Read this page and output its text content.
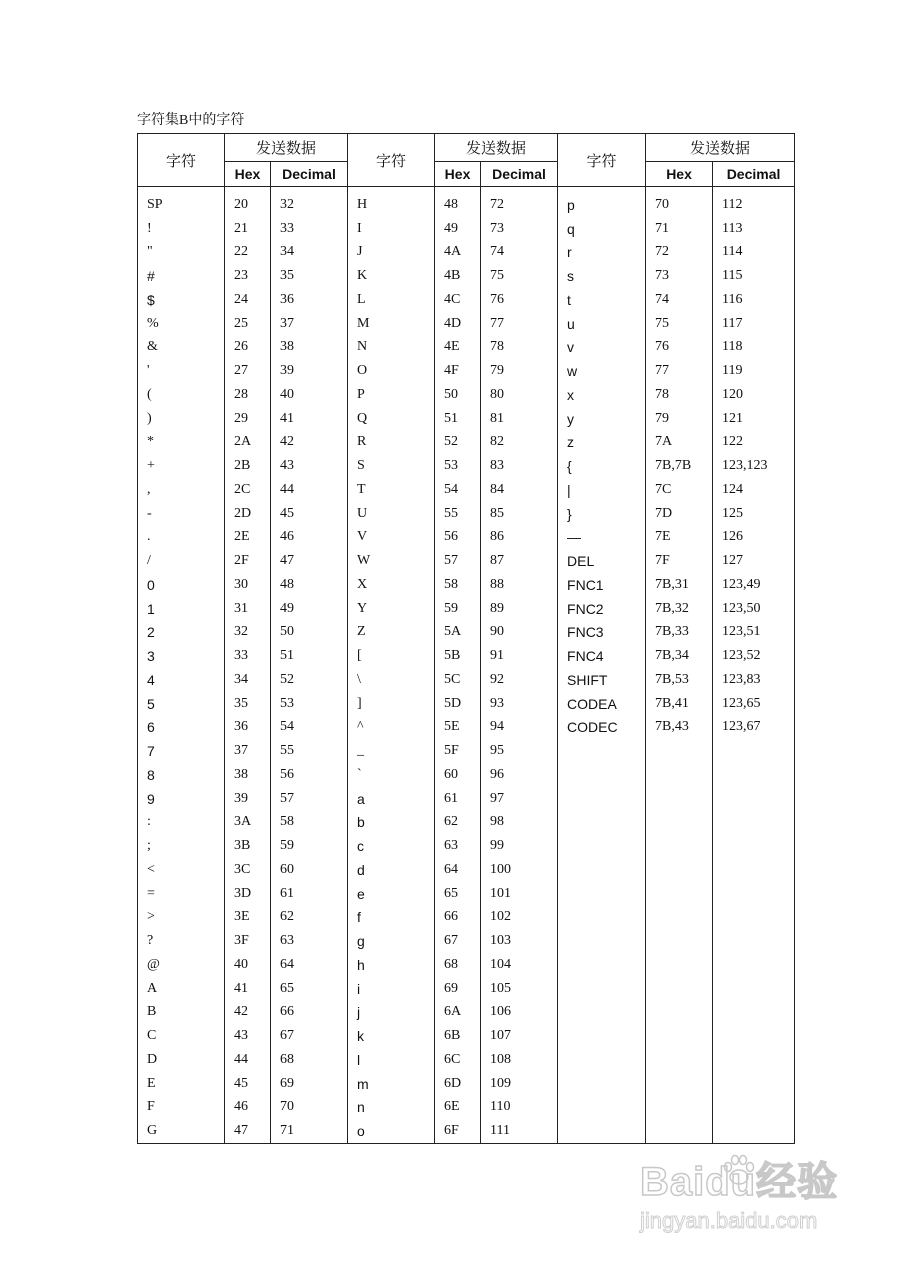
字符集B中的字符
字符	发送数据		字符	发送数据		字符	发送数据	
	Hex	Decimal		Hex	Decimal		Hex	Decimal
SP	20	32	H	48	72	p	70	112
!	21	33	I	49	73	q	71	113
"	22	34	J	4A	74	r	72	114
#	23	35	K	4B	75	s	73	115
$	24	36	L	4C	76	t	74	116
%	25	37	M	4D	77	u	75	117
&	26	38	N	4E	78	v	76	118
'	27	39	O	4F	79	w	77	119
(	28	40	P	50	80	x	78	120
)	29	41	Q	51	81	y	79	121
*	2A	42	R	52	82	z	7A	122
+	2B	43	S	53	83	{	7B,7B	123,123
,	2C	44	T	54	84	|	7C	124
-	2D	45	U	55	85	}	7D	125
.	2E	46	V	56	86	—	7E	126
/	2F	47	W	57	87	DEL	7F	127
0	30	48	X	58	88	FNC1	7B,31	123,49
1	31	49	Y	59	89	FNC2	7B,32	123,50
2	32	50	Z	5A	90	FNC3	7B,33	123,51
3	33	51	[	5B	91	FNC4	7B,34	123,52
4	34	52	\	5C	92	SHIFT	7B,53	123,83
5	35	53	]	5D	93	CODEA	7B,41	123,65
6	36	54	^	5E	94	CODEC	7B,43	123,67
7	37	55	_	5F	95			
8	38	56	`	60	96			
9	39	57	a	61	97			
:	3A	58	b	62	98			
;	3B	59	c	63	99			
<	3C	60	d	64	100			
=	3D	61	e	65	101			
>	3E	62	f	66	102			
?	3F	63	g	67	103			
@	40	64	h	68	104			
A	41	65	i	69	105			
B	42	66	j	6A	106			
C	43	67	k	6B	107			
D	44	68	l	6C	108			
E	45	69	m	6D	109			
F	46	70	n	6E	110			
G	47	71	o	6F	111			
Baidu经验
jingyan.baidu.com
